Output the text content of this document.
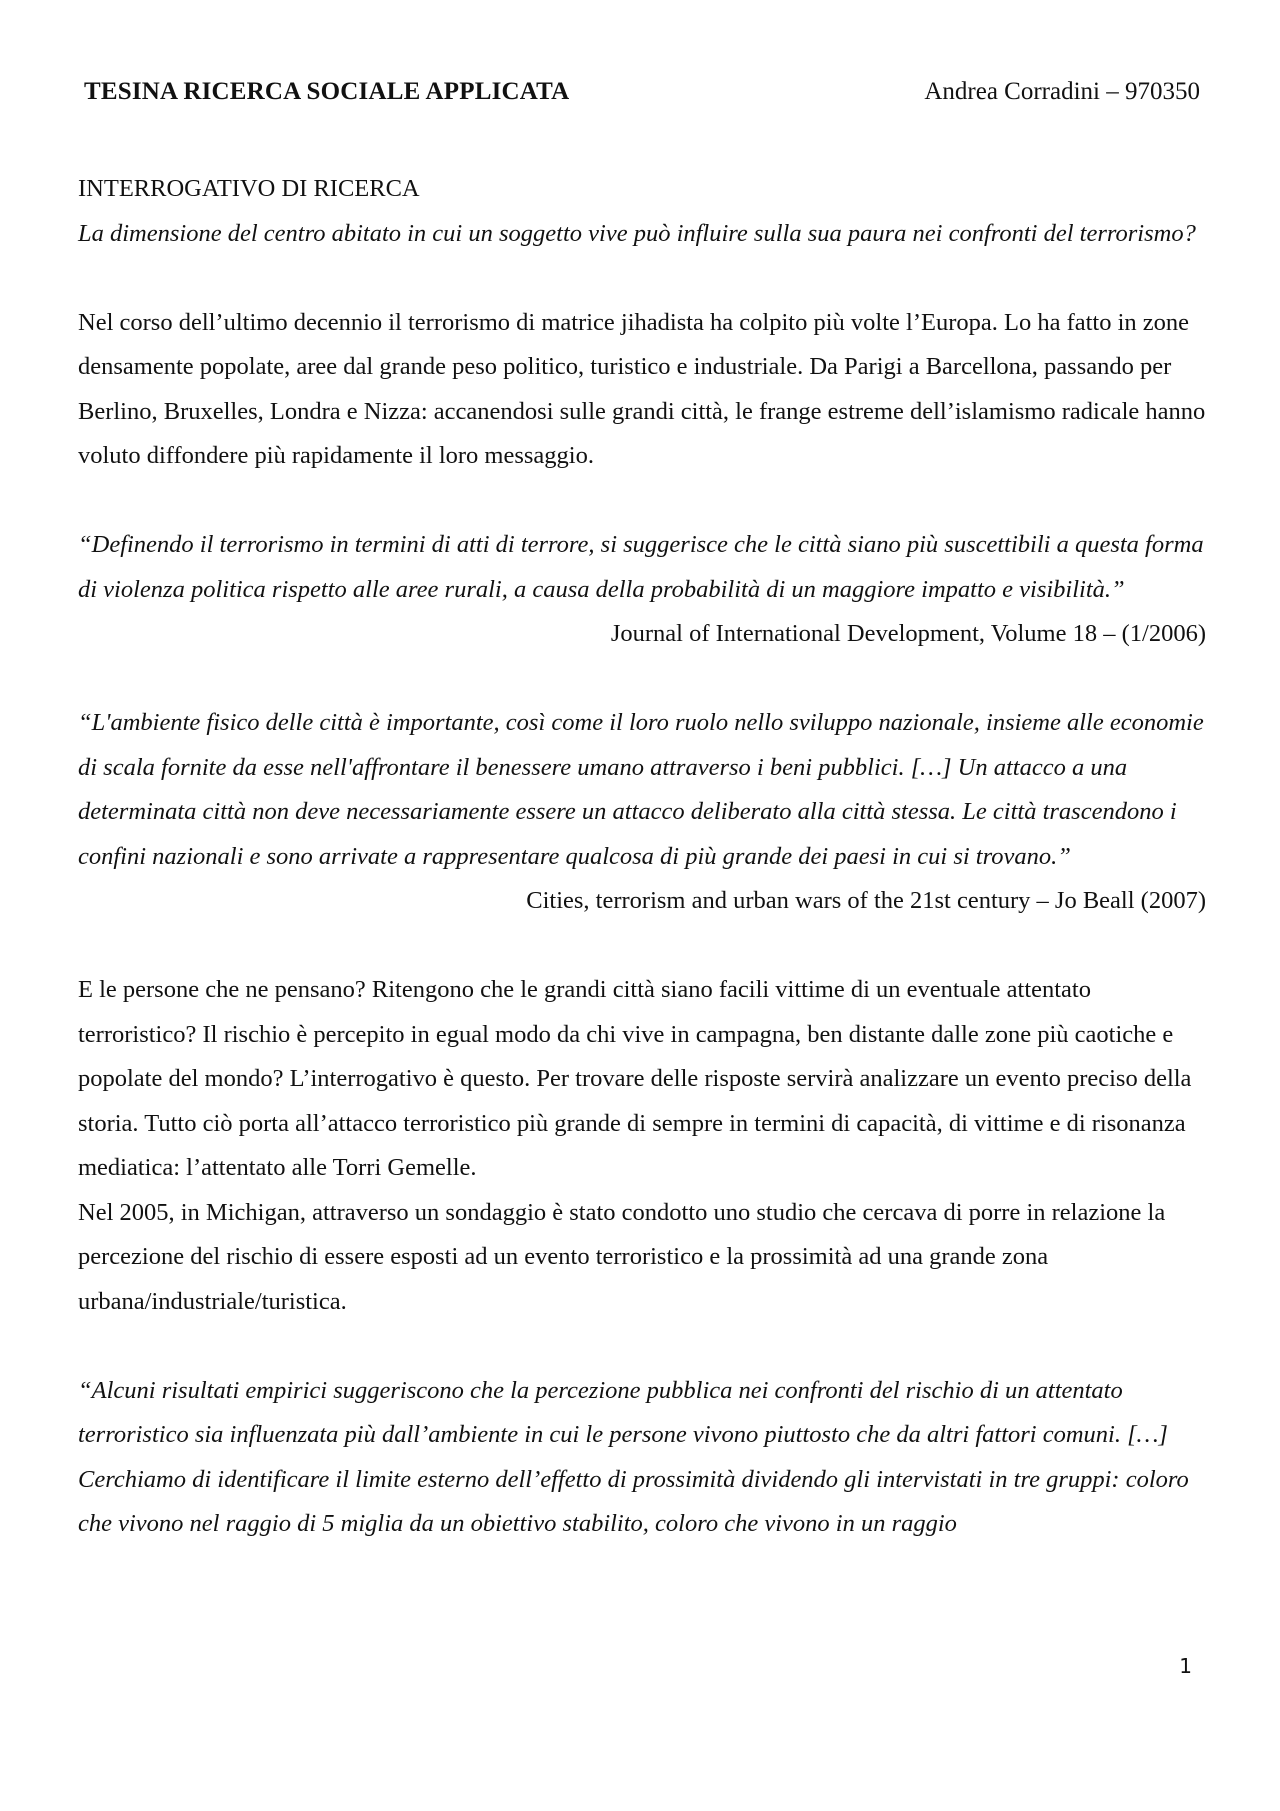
TESINA RICERCA SOCIALE APPLICATA	Andrea Corradini – 970350

INTERROGATIVO DI RICERCA

La dimensione del centro abitato in cui un soggetto vive può influire sulla sua paura nei confronti del terrorismo?

Nel corso dell’ultimo decennio il terrorismo di matrice jihadista ha colpito più volte l’Europa. Lo ha fatto in zone densamente popolate, aree dal grande peso politico, turistico e industriale. Da Parigi a Barcellona, passando per Berlino, Bruxelles, Londra e Nizza: accanendosi sulle grandi città, le frange estreme dell’islamismo radicale hanno voluto diffondere più rapidamente il loro messaggio.

“Definendo il terrorismo in termini di atti di terrore, si suggerisce che le città siano più suscettibili a questa forma di violenza politica rispetto alle aree rurali, a causa della probabilità di un maggiore impatto e visibilità.”

Journal of International Development, Volume 18 – (1/2006)

“L'ambiente fisico delle città è importante, così come il loro ruolo nello sviluppo nazionale, insieme alle economie di scala fornite da esse nell'affrontare il benessere umano attraverso i beni pubblici. […] Un attacco a una determinata città non deve necessariamente essere un attacco deliberato alla città stessa. Le città trascendono i confini nazionali e sono arrivate a rappresentare qualcosa di più grande dei paesi in cui si trovano.”

Cities, terrorism and urban wars of the 21st century – Jo Beall (2007)

E le persone che ne pensano? Ritengono che le grandi città siano facili vittime di un eventuale attentato terroristico? Il rischio è percepito in egual modo da chi vive in campagna, ben distante dalle zone più caotiche e popolate del mondo? L’interrogativo è questo. Per trovare delle risposte servirà analizzare un evento preciso della storia. Tutto ciò porta all’attacco terroristico più grande di sempre in termini di capacità, di vittime e di risonanza mediatica: l’attentato alle Torri Gemelle.

Nel 2005, in Michigan, attraverso un sondaggio è stato condotto uno studio che cercava di porre in relazione la percezione del rischio di essere esposti ad un evento terroristico e la prossimità ad una grande zona urbana/industriale/turistica.

“Alcuni risultati empirici suggeriscono che la percezione pubblica nei confronti del rischio di un attentato terroristico sia influenzata più dall’ambiente in cui le persone vivono piuttosto che da altri fattori comuni. […] Cerchiamo di identificare il limite esterno dell’effetto di prossimità dividendo gli intervistati in tre gruppi: coloro che vivono nel raggio di 5 miglia da un obiettivo stabilito, coloro che vivono in un raggio

1
